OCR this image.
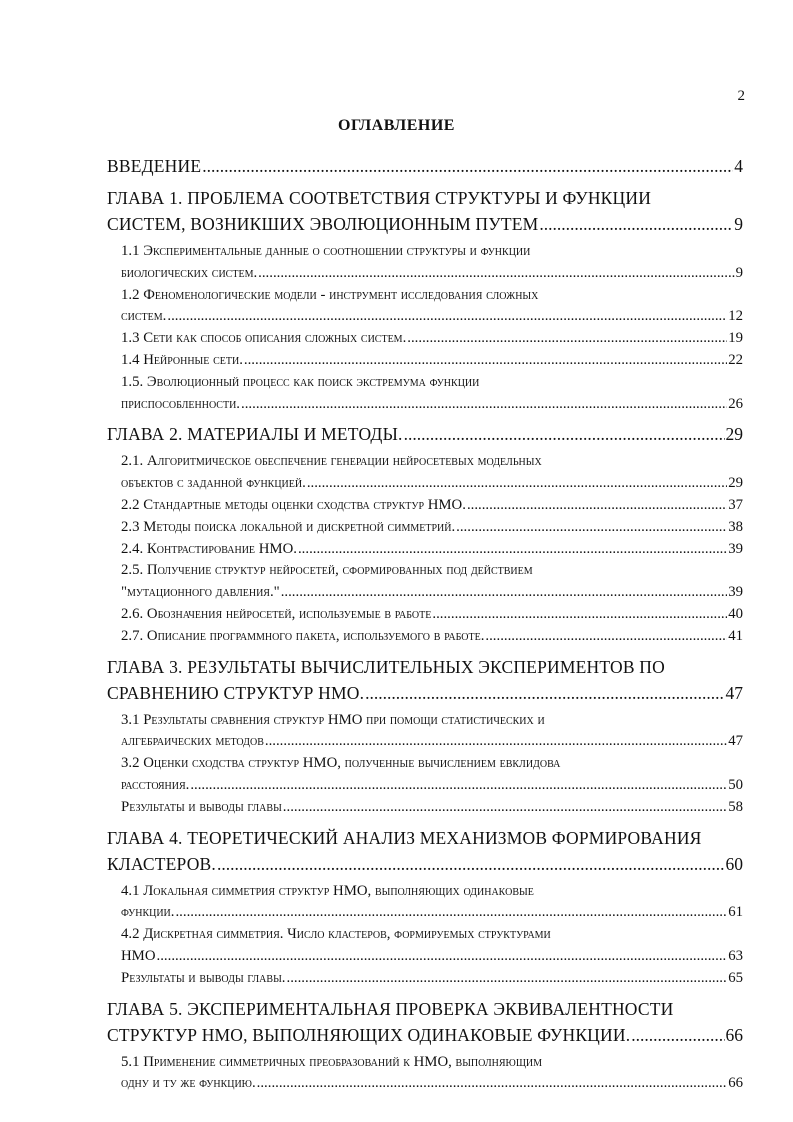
2
ОГЛАВЛЕНИЕ
ВВЕДЕНИЕ .....	4
ГЛАВА 1. ПРОБЛЕМА СООТВЕТСТВИЯ СТРУКТУРЫ И ФУНКЦИИ
СИСТЕМ, ВОЗНИКШИХ ЭВОЛЮЦИОННЫМ ПУТЕМ .....	9
1.1 Экспериментальные данные о соотношении структуры и функции
биологических систем. .....	9
1.2 Феноменологические модели - инструмент исследования сложных
систем. .....	12
1.3 Сети как способ описания сложных систем. .....	19
1.4 Нейронные сети. .....	22
1.5. Эволюционный процесс как поиск экстремума функции
приспособленности. .....	26
ГЛАВА 2. МАТЕРИАЛЫ И МЕТОДЫ. .....	29
2.1. Алгоритмическое обеспечение генерации нейросетевых модельных
объектов с заданной функцией. .....	29
2.2 Стандартные методы оценки сходства структур НМО. .....	37
2.3 Методы поиска локальной и дискретной симметрий. .....	38
2.4. Контрастирование НМО. .....	39
2.5. Получение структур нейросетей, сформированных под действием
"мутационного давления." .....	39
2.6. Обозначения нейросетей, используемые в работе .....	40
2.7. Описание программного пакета, используемого в работе. .....	41
ГЛАВА 3. РЕЗУЛЬТАТЫ ВЫЧИСЛИТЕЛЬНЫХ ЭКСПЕРИМЕНТОВ ПО
СРАВНЕНИЮ СТРУКТУР НМО. .....	47
3.1 Результаты сравнения структур НМО при помощи статистических и
алгебраических методов .....	47
3.2 Оценки сходства структур НМО, полученные вычислением евклидова
расстояния. .....	50
Результаты и выводы главы .....	58
ГЛАВА 4. ТЕОРЕТИЧЕСКИЙ АНАЛИЗ МЕХАНИЗМОВ ФОРМИРОВАНИЯ
КЛАСТЕРОВ. .....	60
4.1 Локальная симметрия структур НМО, выполняющих одинаковые
функции. .....	61
4.2 Дискретная симметрия. Число кластеров, формируемых структурами
НМО .....	63
Результаты и выводы главы. .....	65
ГЛАВА 5. ЭКСПЕРИМЕНТАЛЬНАЯ ПРОВЕРКА ЭКВИВАЛЕНТНОСТИ
СТРУКТУР НМО, ВЫПОЛНЯЮЩИХ ОДИНАКОВЫЕ ФУНКЦИИ. .....	66
5.1 Применение симметричных преобразований к НМО, выполняющим
одну и ту же функцию. .....	66
